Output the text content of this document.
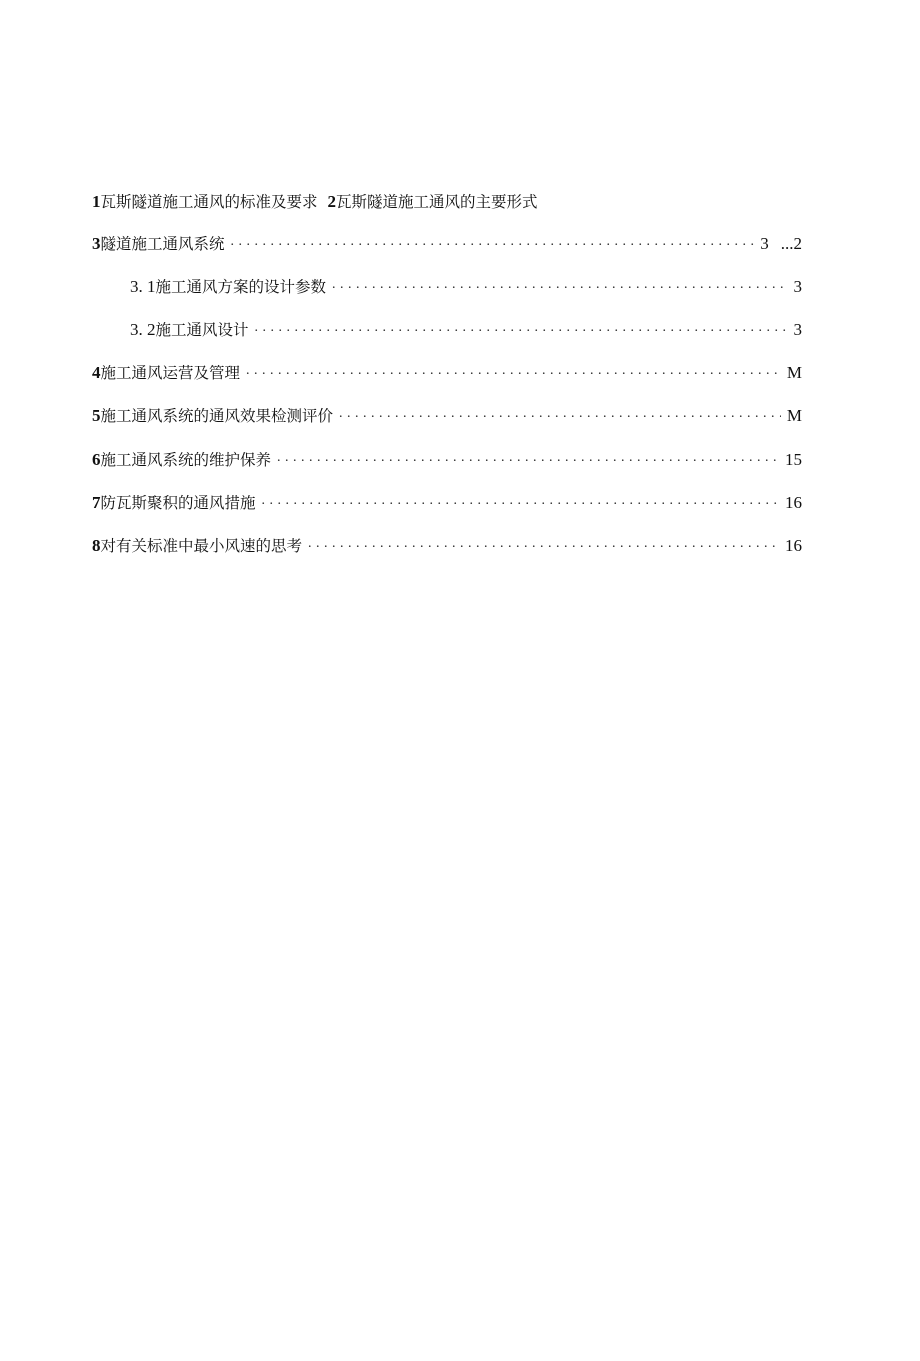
1瓦斯隧道施工通风的标准及要求 2瓦斯隧道施工通风的主要形式
3 隧道施工通风系统 . . .	3 ...2
3. 1 施工通风方案的设计参数 . . .	3
3. 2 施工通风设计 . . .	3
4 施工通风运营及管理 . . .	M
5 施工通风系统的通风效果检测评价 . . .	M
6 施工通风系统的维护保养 . . .	15
7 防瓦斯聚积的通风措施 . . .	16
8 对有关标准中最小风速的思考 . . .	16
